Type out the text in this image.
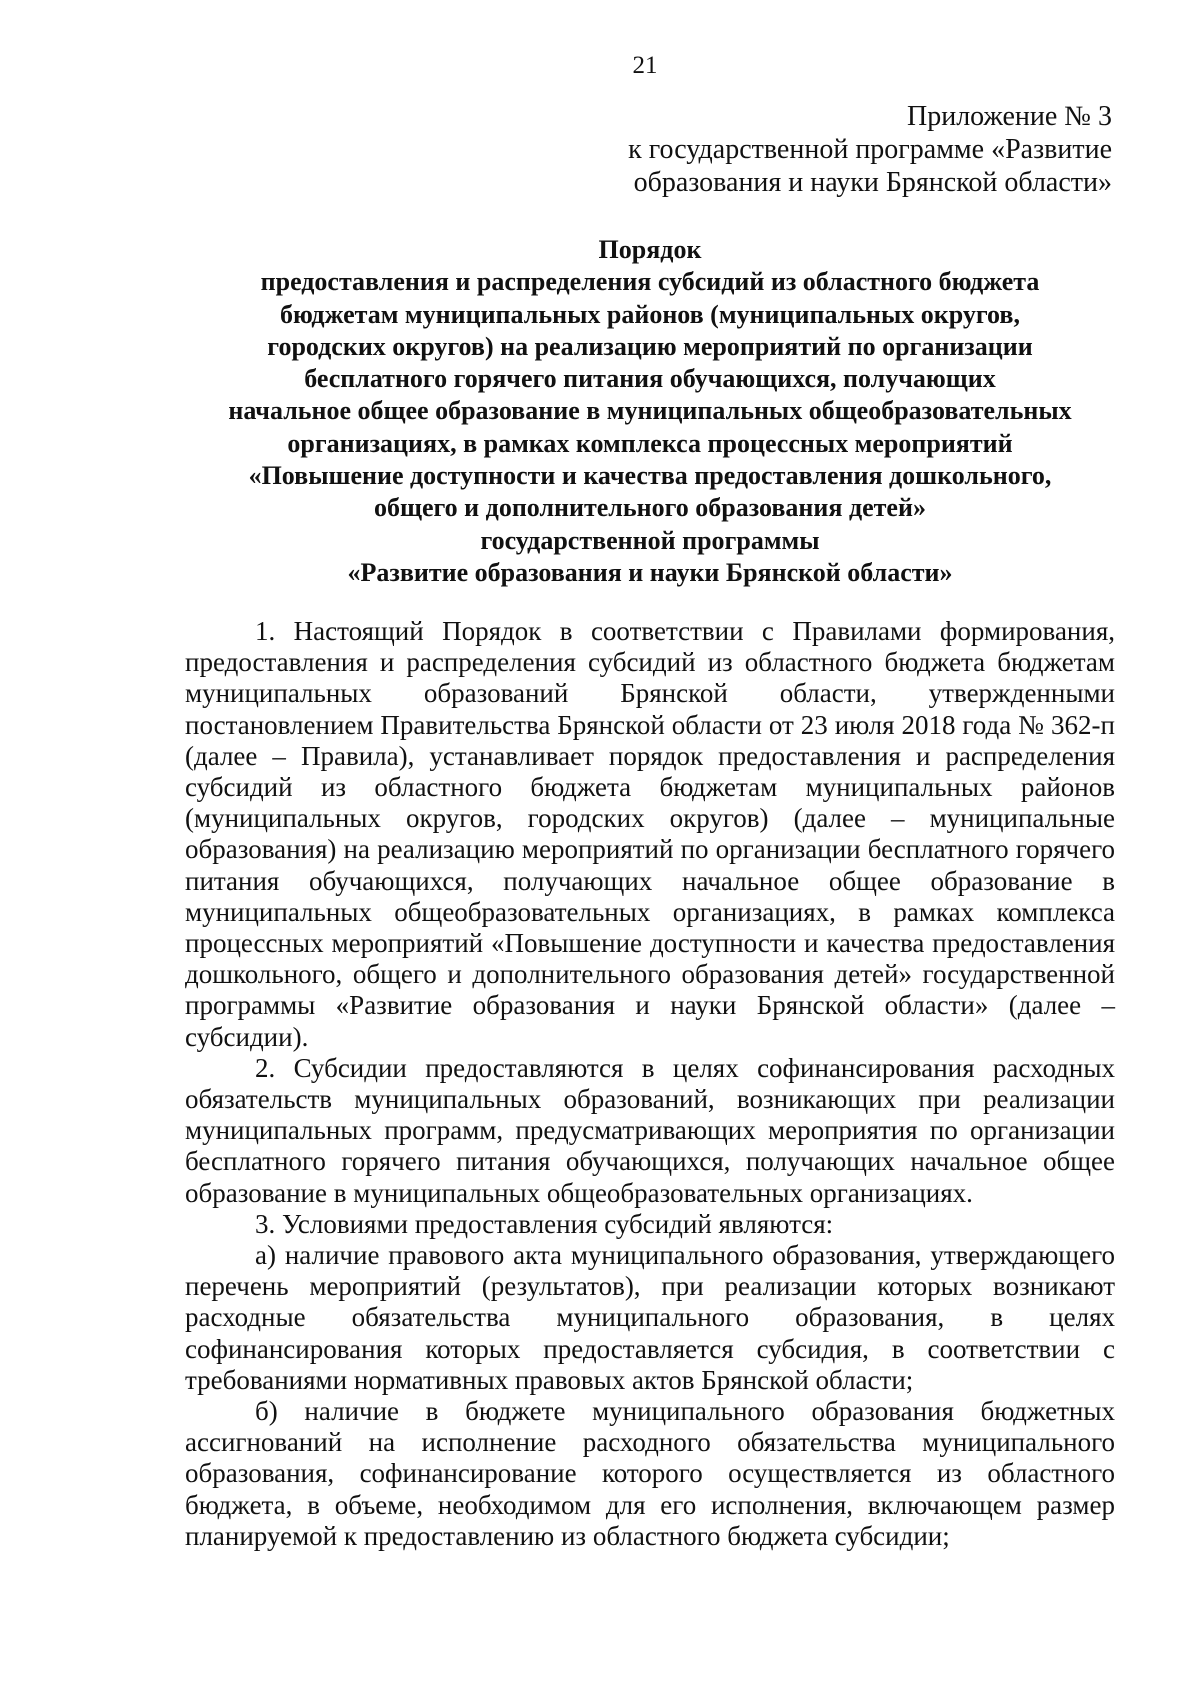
21
Приложение № 3
к государственной программе «Развитие
образования и науки Брянской области»
Порядок
предоставления и распределения субсидий из областного бюджета
бюджетам муниципальных районов (муниципальных округов,
городских округов) на реализацию мероприятий по организации
бесплатного горячего питания обучающихся, получающих
начальное общее образование в муниципальных общеобразовательных
организациях, в рамках комплекса процессных мероприятий
«Повышение доступности и качества предоставления дошкольного,
общего и дополнительного образования детей»
государственной программы
«Развитие образования и науки Брянской области»

1. Настоящий Порядок в соответствии с Правилами формирования, предоставления и распределения субсидий из областного бюджета бюджетам муниципальных образований Брянской области, утвержденными постановлением Правительства Брянской области от 23 июля 2018 года № 362-п (далее – Правила), устанавливает порядок предоставления и распределения субсидий из областного бюджета бюджетам муниципальных районов (муниципальных округов, городских округов) (далее – муниципальные образования) на реализацию мероприятий по организации бесплатного горячего питания обучающихся, получающих начальное общее образование в муниципальных общеобразовательных организациях, в рамках комплекса процессных мероприятий «Повышение доступности и качества предоставления дошкольного, общего и дополнительного образования детей» государственной программы «Развитие образования и науки Брянской области» (далее – субсидии).

2. Субсидии предоставляются в целях софинансирования расходных обязательств муниципальных образований, возникающих при реализации муниципальных программ, предусматривающих мероприятия по организации бесплатного горячего питания обучающихся, получающих начальное общее образование в муниципальных общеобразовательных организациях.

3. Условиями предоставления субсидий являются:

а) наличие правового акта муниципального образования, утверждающего перечень мероприятий (результатов), при реализации которых возникают расходные обязательства муниципального образования, в целях софинансирования которых предоставляется субсидия, в соответствии с требованиями нормативных правовых актов Брянской области;

б) наличие в бюджете муниципального образования бюджетных ассигнований на исполнение расходного обязательства муниципального образования, софинансирование которого осуществляется из областного бюджета, в объеме, необходимом для его исполнения, включающем размер планируемой к предоставлению из областного бюджета субсидии;
